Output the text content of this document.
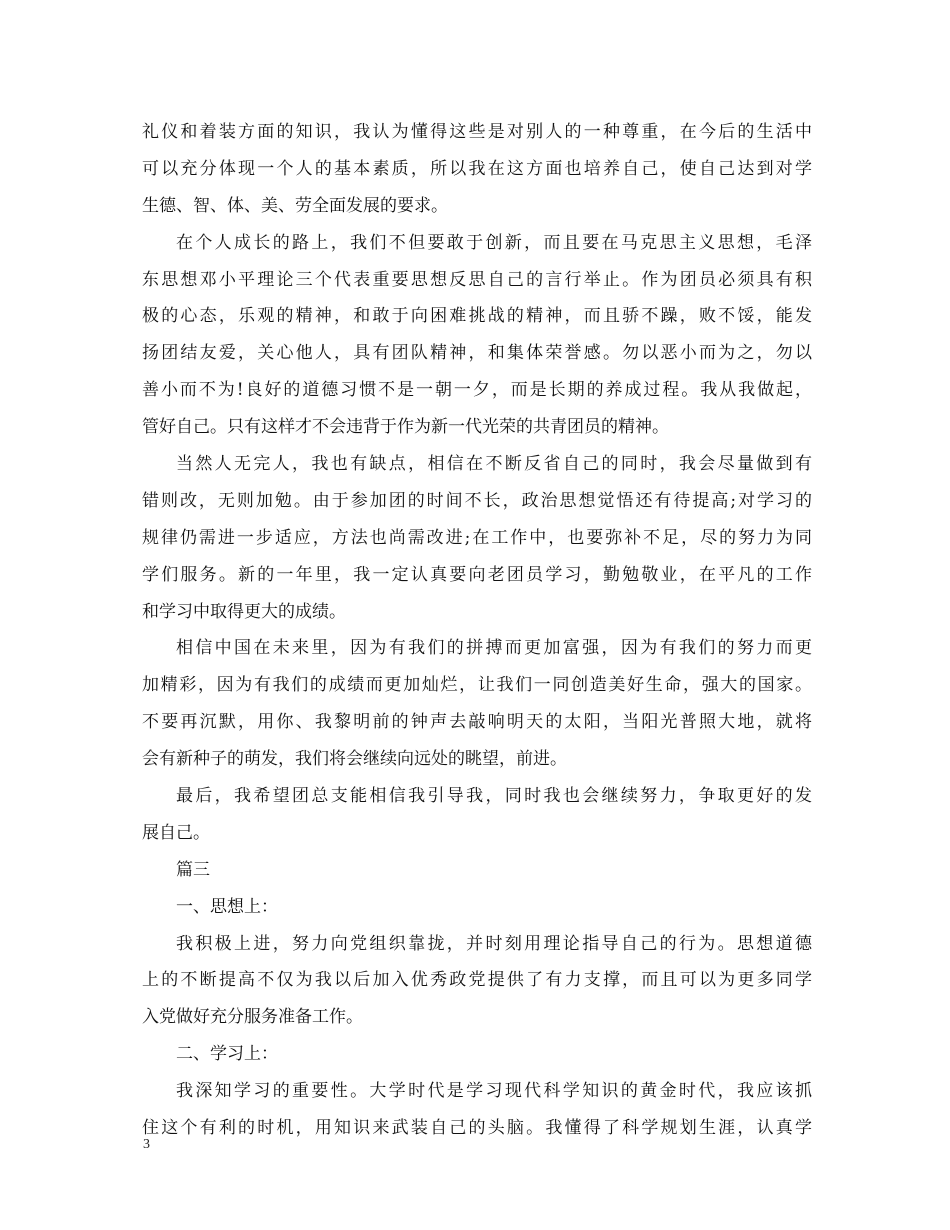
礼仪和着装方面的知识，我认为懂得这些是对别人的一种尊重，在今后的生活中
可以充分体现一个人的基本素质，所以我在这方面也培养自己，使自己达到对学
生德、智、体、美、劳全面发展的要求。
在个人成长的路上，我们不但要敢于创新，而且要在马克思主义思想，毛泽
东思想邓小平理论三个代表重要思想反思自己的言行举止。作为团员必须具有积
极的心态，乐观的精神，和敢于向困难挑战的精神，而且骄不躁，败不馁，能发
扬团结友爱，关心他人，具有团队精神，和集体荣誉感。勿以恶小而为之，勿以
善小而不为!良好的道德习惯不是一朝一夕，而是长期的养成过程。我从我做起，
管好自己。只有这样才不会违背于作为新一代光荣的共青团员的精神。
当然人无完人，我也有缺点，相信在不断反省自己的同时，我会尽量做到有
错则改，无则加勉。由于参加团的时间不长，政治思想觉悟还有待提高;对学习的
规律仍需进一步适应，方法也尚需改进;在工作中，也要弥补不足，尽的努力为同
学们服务。新的一年里，我一定认真要向老团员学习，勤勉敬业，在平凡的工作
和学习中取得更大的成绩。
相信中国在未来里，因为有我们的拼搏而更加富强，因为有我们的努力而更
加精彩，因为有我们的成绩而更加灿烂，让我们一同创造美好生命，强大的国家。
不要再沉默，用你、我黎明前的钟声去敲响明天的太阳，当阳光普照大地，就将
会有新种子的萌发，我们将会继续向远处的眺望，前进。
最后，我希望团总支能相信我引导我，同时我也会继续努力，争取更好的发
展自己。
篇三
一、思想上：
我积极上进，努力向党组织靠拢，并时刻用理论指导自己的行为。思想道德
上的不断提高不仅为我以后加入优秀政党提供了有力支撑，而且可以为更多同学
入党做好充分服务准备工作。
二、学习上：
我深知学习的重要性。大学时代是学习现代科学知识的黄金时代，我应该抓
住这个有利的时机，用知识来武装自己的头脑。我懂得了科学规划生涯，认真学
3
